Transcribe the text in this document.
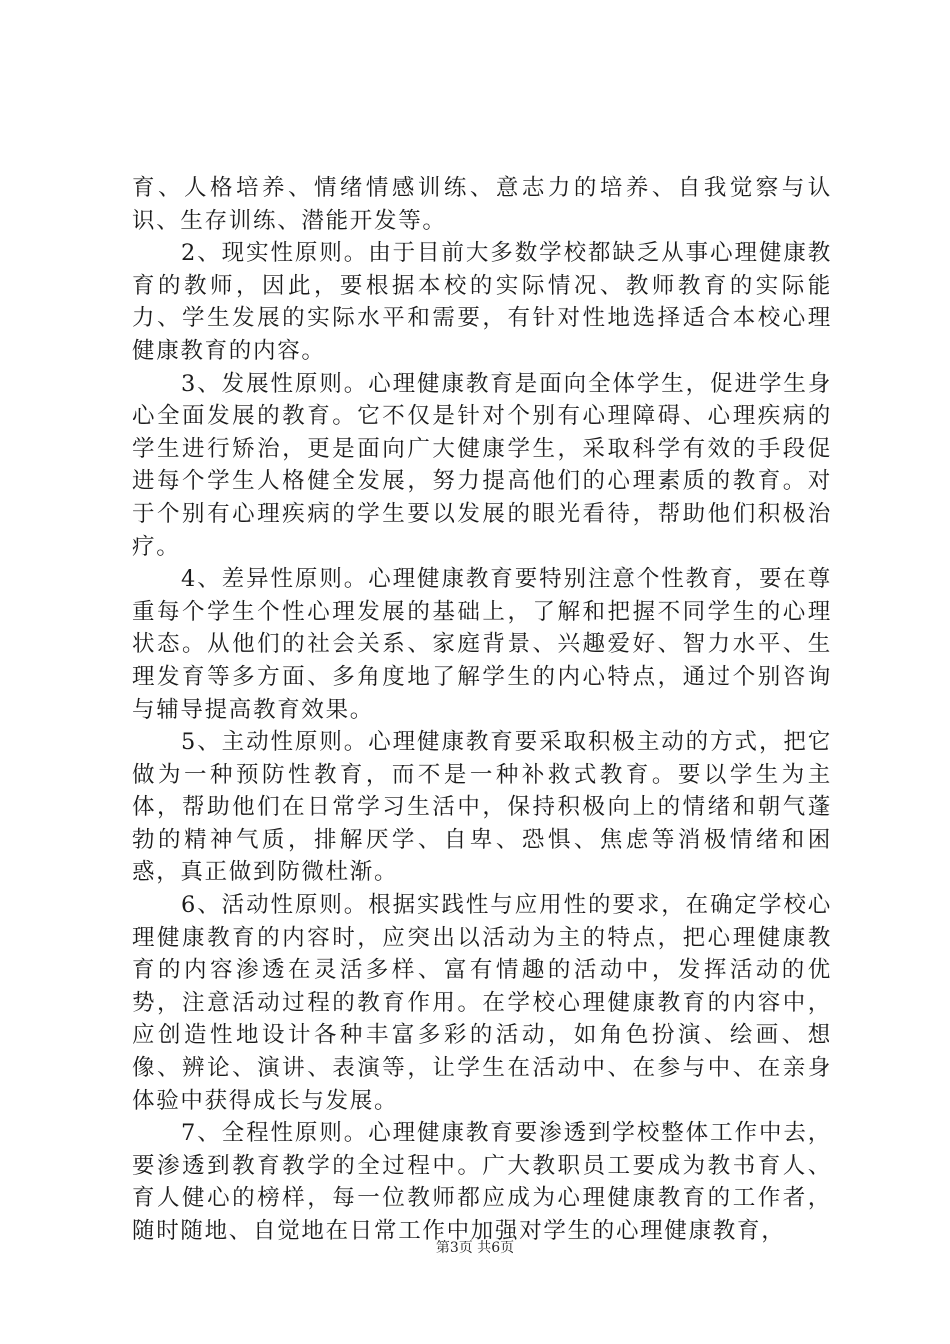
育、人格培养、情绪情感训练、意志力的培养、自我觉察与认识、生存训练、潜能开发等。

2、现实性原则。由于目前大多数学校都缺乏从事心理健康教育的教师，因此，要根据本校的实际情况、教师教育的实际能力、学生发展的实际水平和需要，有针对性地选择适合本校心理健康教育的内容。

3、发展性原则。心理健康教育是面向全体学生，促进学生身心全面发展的教育。它不仅是针对个别有心理障碍、心理疾病的学生进行矫治，更是面向广大健康学生，采取科学有效的手段促进每个学生人格健全发展，努力提高他们的心理素质的教育。对于个别有心理疾病的学生要以发展的眼光看待，帮助他们积极治疗。

4、差异性原则。心理健康教育要特别注意个性教育，要在尊重每个学生个性心理发展的基础上，了解和把握不同学生的心理状态。从他们的社会关系、家庭背景、兴趣爱好、智力水平、生理发育等多方面、多角度地了解学生的内心特点，通过个别咨询与辅导提高教育效果。

5、主动性原则。心理健康教育要采取积极主动的方式，把它做为一种预防性教育，而不是一种补救式教育。要以学生为主体，帮助他们在日常学习生活中，保持积极向上的情绪和朝气蓬勃的精神气质，排解厌学、自卑、恐惧、焦虑等消极情绪和困惑，真正做到防微杜渐。

6、活动性原则。根据实践性与应用性的要求，在确定学校心理健康教育的内容时，应突出以活动为主的特点，把心理健康教育的内容渗透在灵活多样、富有情趣的活动中，发挥活动的优势，注意活动过程的教育作用。在学校心理健康教育的内容中，应创造性地设计各种丰富多彩的活动，如角色扮演、绘画、想像、辨论、演讲、表演等，让学生在活动中、在参与中、在亲身体验中获得成长与发展。

7、全程性原则。心理健康教育要渗透到学校整体工作中去，要渗透到教育教学的全过程中。广大教职员工要成为教书育人、育人健心的榜样，每一位教师都应成为心理健康教育的工作者，随时随地、自觉地在日常工作中加强对学生的心理健康教育，

第3页 共6页
